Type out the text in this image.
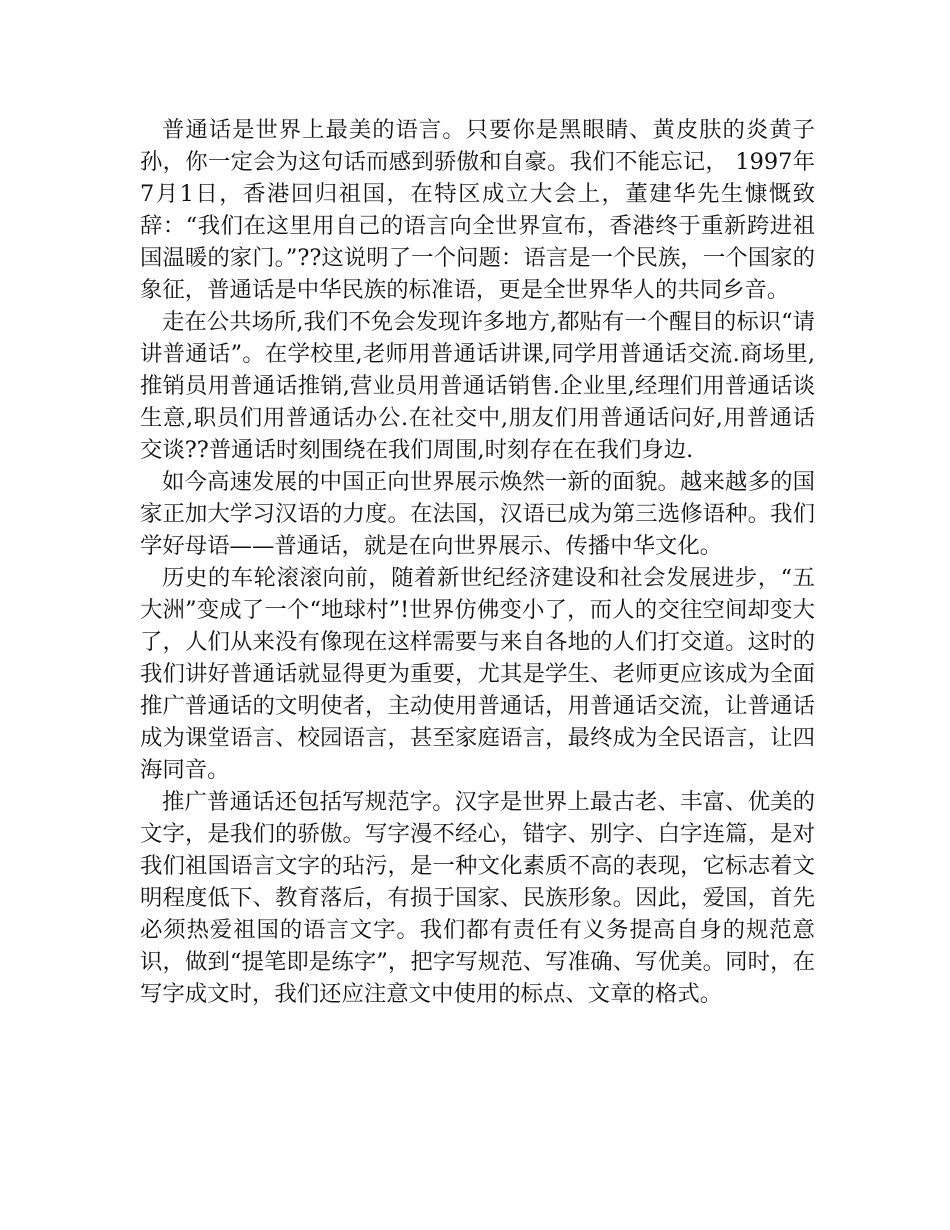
普通话是世界上最美的语言。只要你是黑眼睛、黄皮肤的炎黄子孙，你一定会为这句话而感到骄傲和自豪。我们不能忘记， 1997年7月1日，香港回归祖国，在特区成立大会上，董建华先生慷慨致辞：“我们在这里用自己的语言向全世界宣布，香港终于重新跨进祖国温暖的家门。”??这说明了一个问题：语言是一个民族，一个国家的象征，普通话是中华民族的标准语，更是全世界华人的共同乡音。

走在公共场所,我们不免会发现许多地方,都贴有一个醒目的标识“请讲普通话”。在学校里,老师用普通话讲课,同学用普通话交流.商场里,推销员用普通话推销,营业员用普通话销售.企业里,经理们用普通话谈生意,职员们用普通话办公.在社交中,朋友们用普通话问好,用普通话交谈??普通话时刻围绕在我们周围,时刻存在在我们身边.

如今高速发展的中国正向世界展示焕然一新的面貌。越来越多的国家正加大学习汉语的力度。在法国，汉语已成为第三选修语种。我们学好母语——普通话，就是在向世界展示、传播中华文化。

历史的车轮滚滚向前，随着新世纪经济建设和社会发展进步，“五大洲”变成了一个“地球村”!世界仿佛变小了，而人的交往空间却变大了，人们从来没有像现在这样需要与来自各地的人们打交道。这时的我们讲好普通话就显得更为重要，尤其是学生、老师更应该成为全面推广普通话的文明使者，主动使用普通话，用普通话交流，让普通话成为课堂语言、校园语言，甚至家庭语言，最终成为全民语言，让四海同音。

推广普通话还包括写规范字。汉字是世界上最古老、丰富、优美的文字，是我们的骄傲。写字漫不经心，错字、别字、白字连篇，是对我们祖国语言文字的玷污，是一种文化素质不高的表现，它标志着文明程度低下、教育落后，有损于国家、民族形象。因此，爱国，首先必须热爱祖国的语言文字。我们都有责任有义务提高自身的规范意识，做到“提笔即是练字”，把字写规范、写准确、写优美。同时，在写字成文时，我们还应注意文中使用的标点、文章的格式。
